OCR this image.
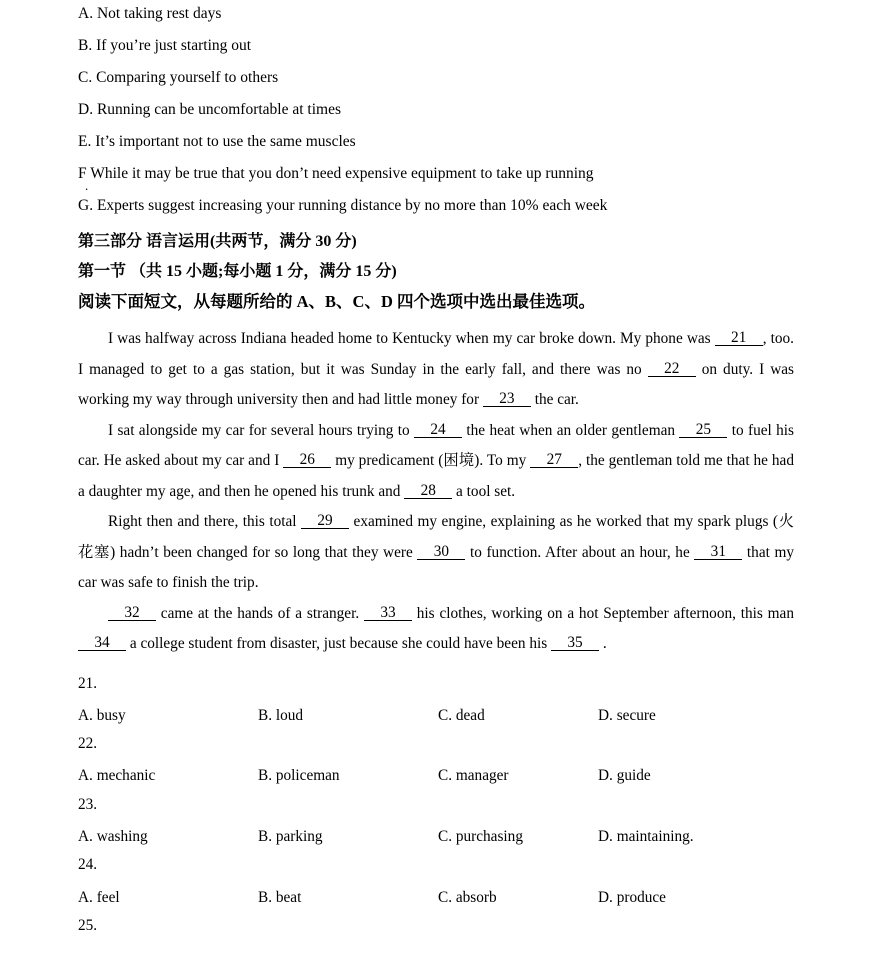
A. Not taking rest days
B. If you’re just starting out
C. Comparing yourself to others
D. Running can be uncomfortable at times
E. It’s important not to use the same muscles
F While it may be true that you don’t need expensive equipment to take up running
.
G. Experts suggest increasing your running distance by no more than 10% each week
第三部分 语言运用(共两节，满分 30 分)
第一节 （共 15 小题;每小题 1 分，满分 15 分)
阅读下面短文，从每题所给的 A、B、C、D 四个选项中选出最佳选项。
I was halfway across Indiana headed home to Kentucky when my car broke down. My phone was 21 , too. I managed to get to a gas station, but it was Sunday in the early fall, and there was no 22 on duty. I was working my way through university then and had little money for 23 the car.
I sat alongside my car for several hours trying to 24 the heat when an older gentleman 25 to fuel his car. He asked about my car and I 26 my predicament (困境). To my 27 , the gentleman told me that he had a daughter my age, and then he opened his trunk and 28 a tool set.
Right then and there, this total 29 examined my engine, explaining as he worked that my spark plugs (火花塞) hadn’t been changed for so long that they were 30 to function. After about an hour, he 31 that my car was safe to finish the trip.
32 came at the hands of a stranger. 33 his clothes, working on a hot September afternoon, this man 34 a college student from disaster, just because she could have been his 35 .
21.
A. busy	B. loud	C. dead	D. secure
22.
A. mechanic	B. policeman	C. manager	D. guide
23.
A. washing	B. parking	C. purchasing	D. maintaining.
24.
A. feel	B. beat	C. absorb	D. produce
25.
